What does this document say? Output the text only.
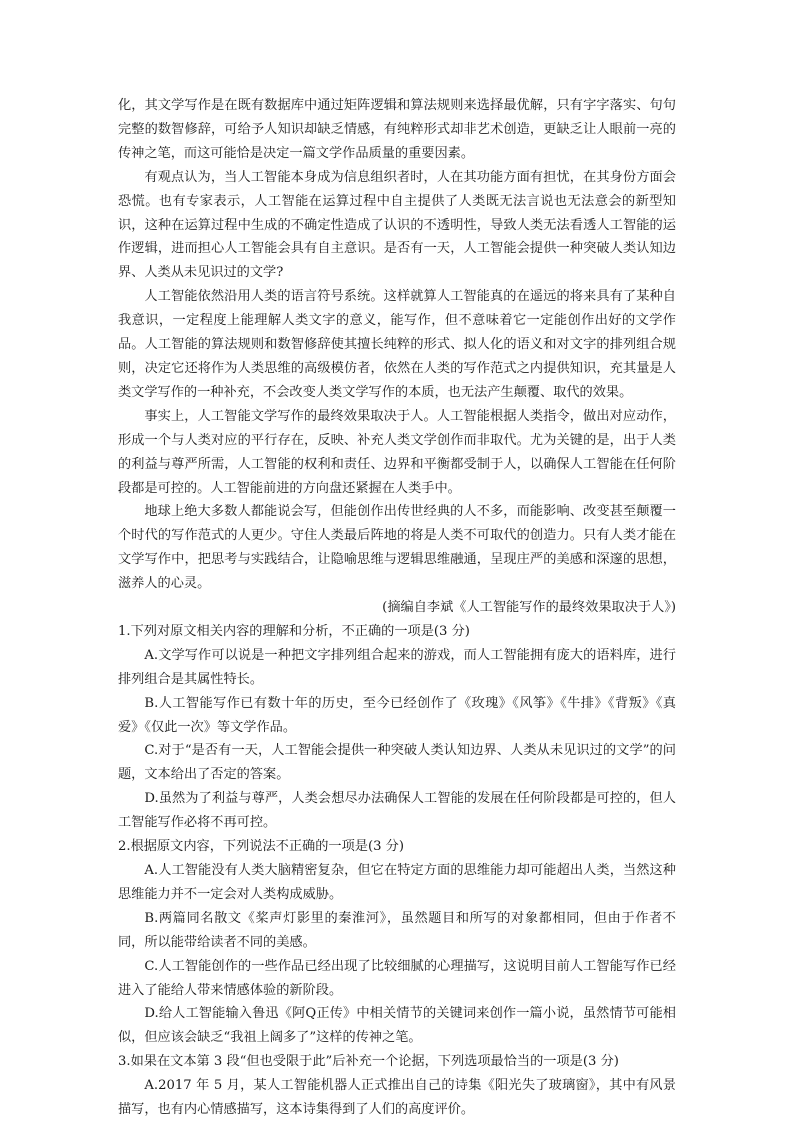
化，其文学写作是在既有数据库中通过矩阵逻辑和算法规则来选择最优解，只有字字落实、句句完整的数智修辞，可给予人知识却缺乏情感，有纯粹形式却非艺术创造，更缺乏让人眼前一亮的传神之笔，而这可能恰是决定一篇文学作品质量的重要因素。

有观点认为，当人工智能本身成为信息组织者时，人在其功能方面有担忧，在其身份方面会恐慌。也有专家表示，人工智能在运算过程中自主提供了人类既无法言说也无法意会的新型知识，这种在运算过程中生成的不确定性造成了认识的不透明性，导致人类无法看透人工智能的运作逻辑，进而担心人工智能会具有自主意识。是否有一天，人工智能会提供一种突破人类认知边界、人类从未见识过的文学?

人工智能依然沿用人类的语言符号系统。这样就算人工智能真的在遥远的将来具有了某种自我意识，一定程度上能理解人类文字的意义，能写作，但不意味着它一定能创作出好的文学作品。人工智能的算法规则和数智修辞使其擅长纯粹的形式、拟人化的语义和对文字的排列组合规则，决定它还将作为人类思维的高级模仿者，依然在人类的写作范式之内提供知识，充其量是人类文学写作的一种补充，不会改变人类文学写作的本质，也无法产生颠覆、取代的效果。

事实上，人工智能文学写作的最终效果取决于人。人工智能根据人类指令，做出对应动作，形成一个与人类对应的平行存在，反映、补充人类文学创作而非取代。尤为关键的是，出于人类的利益与尊严所需，人工智能的权利和责任、边界和平衡都受制于人，以确保人工智能在任何阶段都是可控的。人工智能前进的方向盘还紧握在人类手中。

地球上绝大多数人都能说会写，但能创作出传世经典的人不多，而能影响、改变甚至颠覆一个时代的写作范式的人更少。守住人类最后阵地的将是人类不可取代的创造力。只有人类才能在文学写作中，把思考与实践结合，让隐喻思维与逻辑思维融通，呈现庄严的美感和深邃的思想，滋养人的心灵。

(摘编自李斌《人工智能写作的最终效果取决于人》)

1.下列对原文相关内容的理解和分析，不正确的一项是(3 分)

A.文学写作可以说是一种把文字排列组合起来的游戏，而人工智能拥有庞大的语料库，进行排列组合是其属性特长。

B.人工智能写作已有数十年的历史，至今已经创作了《玫瑰》《风筝》《牛排》《背叛》《真爱》《仅此一次》等文学作品。

C.对于“是否有一天，人工智能会提供一种突破人类认知边界、人类从未见识过的文学”的问题，文本给出了否定的答案。

D.虽然为了利益与尊严，人类会想尽办法确保人工智能的发展在任何阶段都是可控的，但人工智能写作必将不再可控。

2.根据原文内容，下列说法不正确的一项是(3 分)

A.人工智能没有人类大脑精密复杂，但它在特定方面的思维能力却可能超出人类，当然这种思维能力并不一定会对人类构成威胁。

B.两篇同名散文《桨声灯影里的秦淮河》，虽然题目和所写的对象都相同，但由于作者不同，所以能带给读者不同的美感。

C.人工智能创作的一些作品已经出现了比较细腻的心理描写，这说明目前人工智能写作已经进入了能给人带来情感体验的新阶段。

D.给人工智能输入鲁迅《阿Q正传》中相关情节的关键词来创作一篇小说，虽然情节可能相似，但应该会缺乏“我祖上阔多了”这样的传神之笔。

3.如果在文本第 3 段“但也受限于此”后补充一个论据，下列选项最恰当的一项是(3 分)

A.2017 年 5 月，某人工智能机器人正式推出自己的诗集《阳光失了玻璃窗》，其中有风景描写，也有内心情感描写，这本诗集得到了人们的高度评价。
